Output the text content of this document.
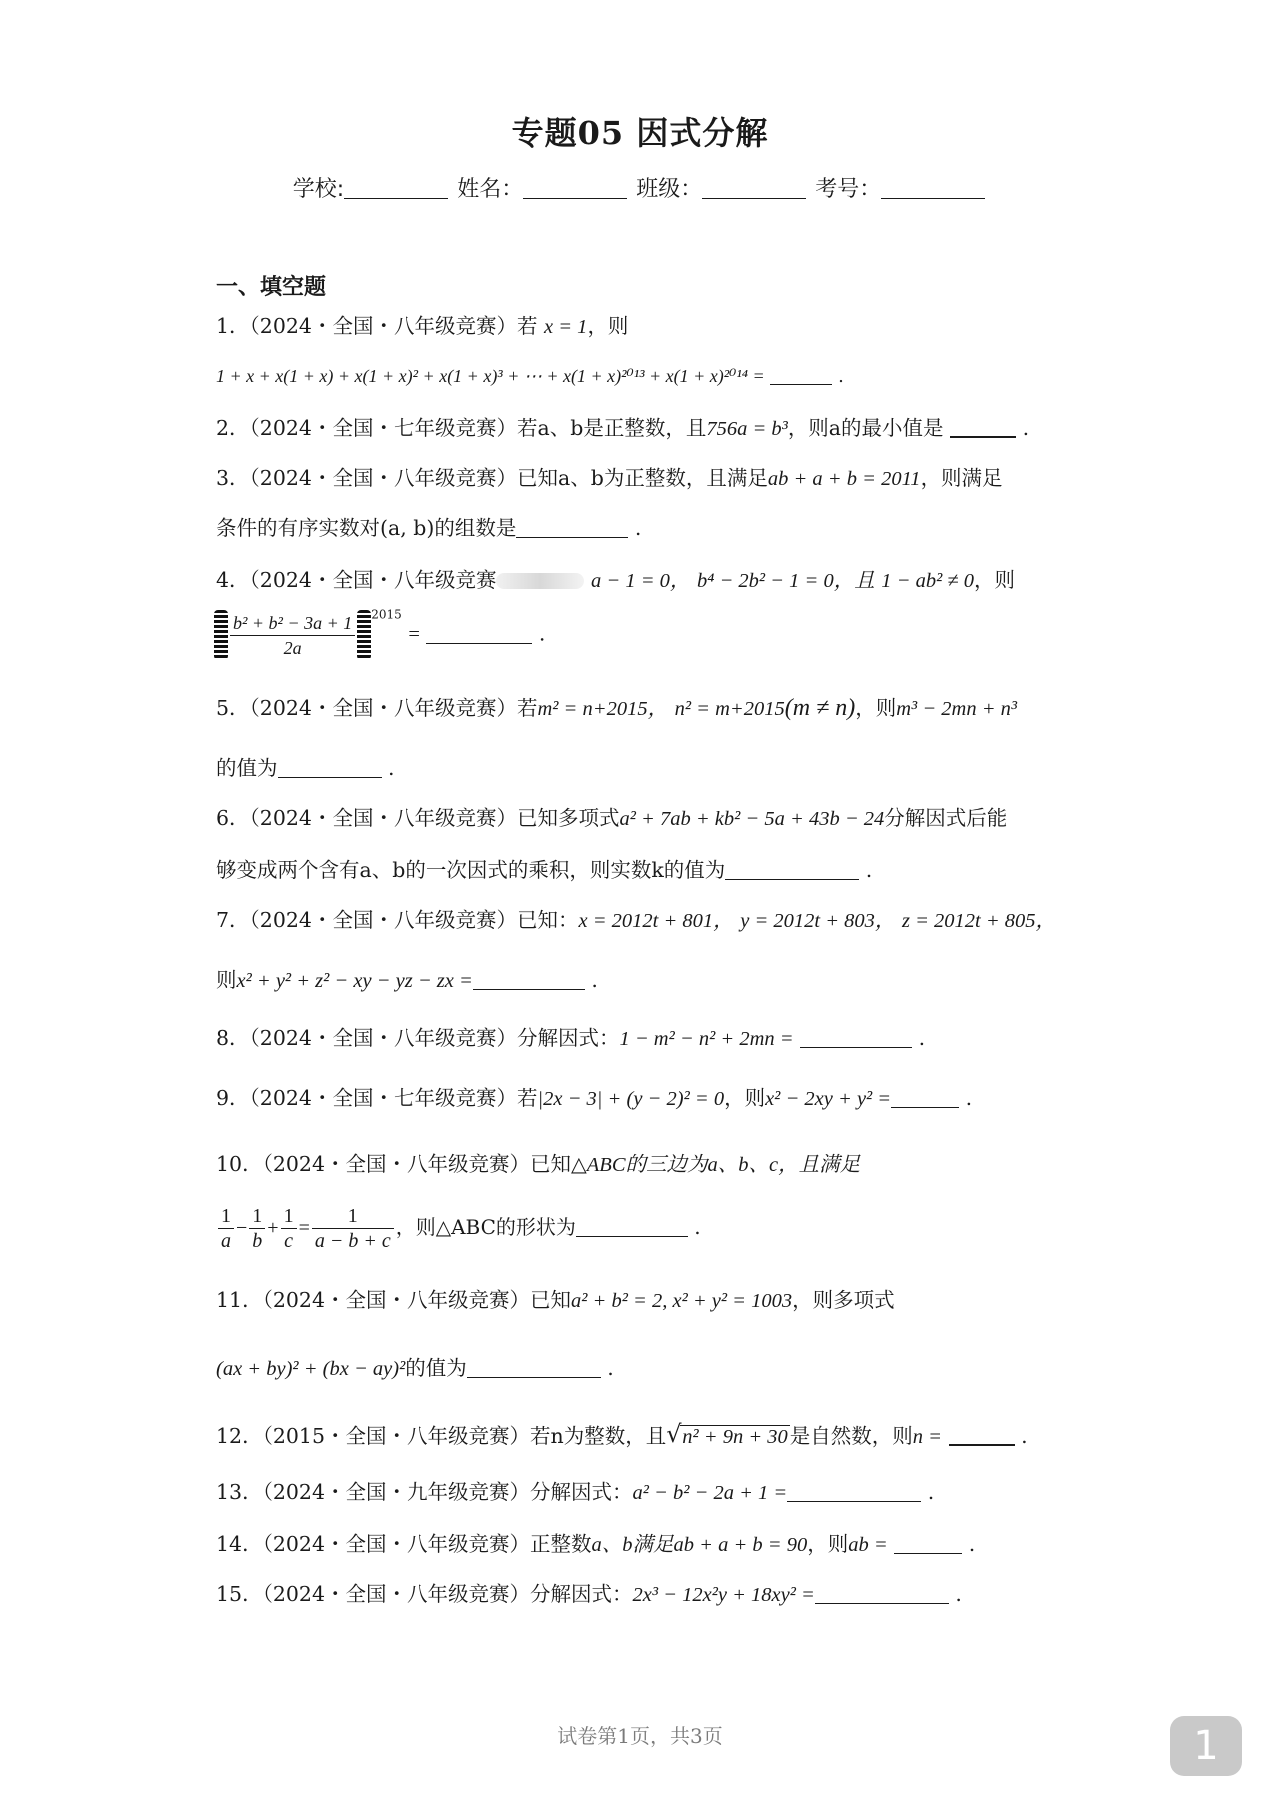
专题05 因式分解
学校:	姓名：	班级：	考号：
一、填空题
1．（2024・全国・八年级竞赛）若 x = 1，则
1 + x + x(1 + x) + x(1 + x)² + x(1 + x)³ + ⋯ + x(1 + x)²⁰¹³ + x(1 + x)²⁰¹⁴ =	.
2．（2024・全国・七年级竞赛）若a、b是正整数，且756a = b³，则a的最小值是	.
3．（2024・全国・八年级竞赛）已知a、b为正整数，且满足ab + a + b = 2011，则满足
条件的有序实数对(a, b)的组数是	.
4．（2024・全国・八年级竞赛	a − 1 = 0， b⁴ − 2b² − 1 = 0，且 1 − ab² ≠ 0，则
$\frac{\text{b² + b² − 3a + 1}}{2a} ^{2015}$ =	.
5．（2024・全国・八年级竞赛）若m² = n+2015， n² = m+2015(m ≠ n)，则m³ − 2mn + n³
的值为	.
6．（2024・全国・八年级竞赛）已知多项式a² + 7ab + kb² − 5a + 43b − 24分解因式后能
够变成两个含有a、b的一次因式的乘积，则实数k的值为	.
7．（2024・全国・八年级竞赛）已知：x = 2012t + 801， y = 2012t + 803， z = 2012t + 805，
则x² + y² + z² − xy − yz − zx =	.
8．（2024・全国・八年级竞赛）分解因式：1 − m² − n² + 2mn =	.
9．（2024・全国・七年级竞赛）若|2x − 3| + (y − 2)² = 0，则x² − 2xy + y² =	.
10．（2024・全国・八年级竞赛）已知△ABC的三边为a、b、c，且满足
$\frac{1}{a} - \frac{1}{b} + \frac{1}{c} = \frac{1}{a - b + c}$ ，则△ABC的形状为	.
11．（2024・全国・八年级竞赛）已知a² + b² = 2, x² + y² = 1003，则多项式
(ax + by)² + (bx − ay)²的值为	.
12．（2015・全国・八年级竞赛）若n为整数，且 √ n² + 9n + 30是自然数，则n =	.
13．（2024・全国・九年级竞赛）分解因式：a² − b² − 2a + 1 =	.
14．（2024・全国・八年级竞赛）正整数a、b满足ab + a + b = 90，则ab =	.
15．（2024・全国・八年级竞赛）分解因式：2x³ − 12x²y + 18xy² =	.
试卷第1页，共3页	1
